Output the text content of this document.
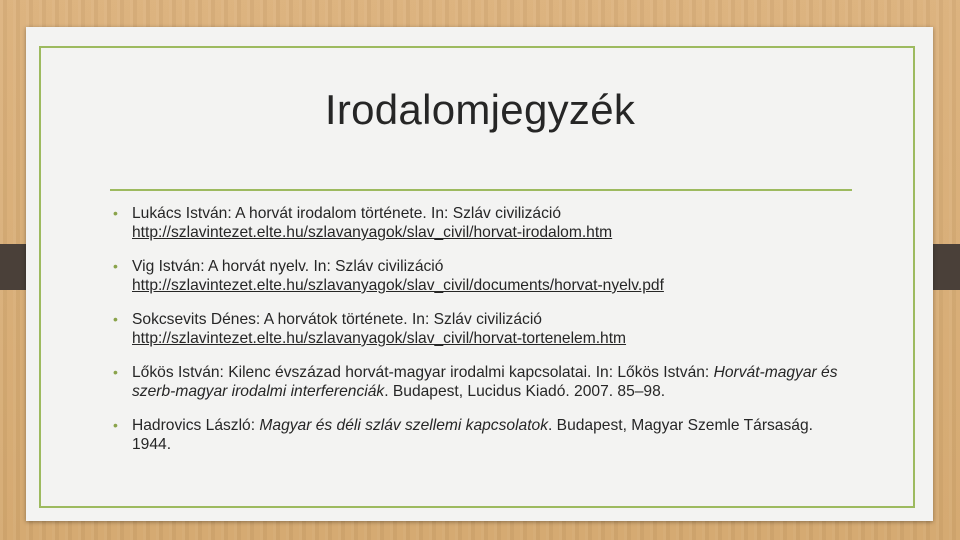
Irodalomjegyzék
• Lukács István: A horvát irodalom története. In: Szláv civilizáció
http://szlavintezet.elte.hu/szlavanyagok/slav_civil/horvat-irodalom.htm
• Vig István: A horvát nyelv. In: Szláv civilizáció
http://szlavintezet.elte.hu/szlavanyagok/slav_civil/documents/horvat-nyelv.pdf
• Sokcsevits Dénes: A horvátok története. In: Szláv civilizáció
http://szlavintezet.elte.hu/szlavanyagok/slav_civil/horvat-tortenelem.htm
• Lőkös István: Kilenc évszázad horvát-magyar irodalmi kapcsolatai. In: Lőkös István: Horvát-magyar és szerb-magyar irodalmi interferenciák. Budapest, Lucidus Kiadó. 2007. 85–98.
• Hadrovics László: Magyar és déli szláv szellemi kapcsolatok. Budapest, Magyar Szemle Társaság. 1944.
